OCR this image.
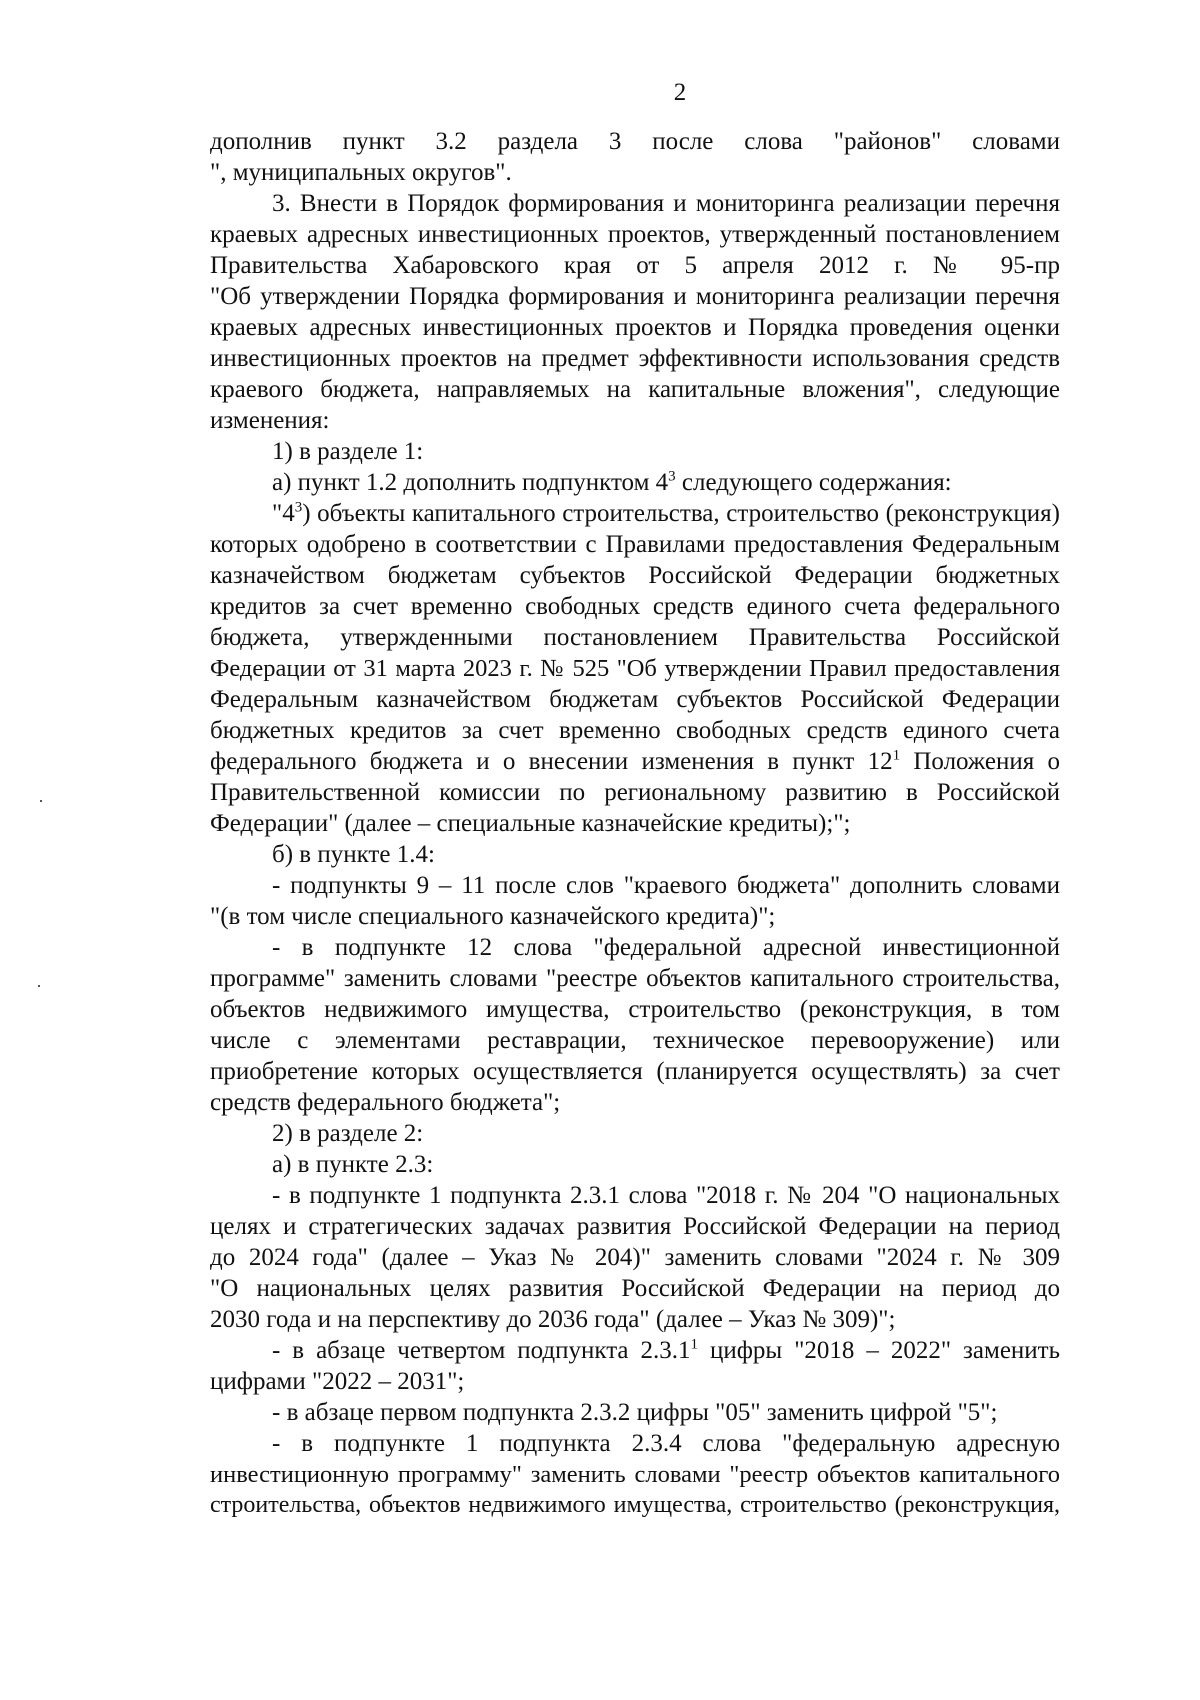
2
дополнив пункт 3.2 раздела 3 после слова "районов" словами
", муниципальных округов".
3. Внести в Порядок формирования и мониторинга реализации перечня
краевых адресных инвестиционных проектов, утвержденный постановлением
Правительства Хабаровского края от 5 апреля 2012 г. № 95-пр
"Об утверждении Порядка формирования и мониторинга реализации перечня
краевых адресных инвестиционных проектов и Порядка проведения оценки
инвестиционных проектов на предмет эффективности использования средств
краевого бюджета, направляемых на капитальные вложения", следующие
изменения:
1) в разделе 1:
а) пункт 1.2 дополнить подпунктом $4^3$ следующего содержания:
"$4^3$) объекты капитального строительства, строительство (реконструкция)
которых одобрено в соответствии с Правилами предоставления Федеральным
казначейством бюджетам субъектов Российской Федерации бюджетных
кредитов за счет временно свободных средств единого счета федерального
бюджета, утвержденными постановлением Правительства Российской
Федерации от 31 марта 2023 г. № 525 "Об утверждении Правил предоставления
Федеральным казначейством бюджетам субъектов Российской Федерации
бюджетных кредитов за счет временно свободных средств единого счета
федерального бюджета и о внесении изменения в пункт $12^1$ Положения о
Правительственной комиссии по региональному развитию в Российской
Федерации" (далее – специальные казначейские кредиты);";
б) в пункте 1.4:
- подпункты 9 – 11 после слов "краевого бюджета" дополнить словами
"(в том числе специального казначейского кредита)";
- в подпункте 12 слова "федеральной адресной инвестиционной
программе" заменить словами "реестре объектов капитального строительства,
объектов недвижимого имущества, строительство (реконструкция, в том
числе с элементами реставрации, техническое перевооружение) или
приобретение которых осуществляется (планируется осуществлять) за счет
средств федерального бюджета";
2) в разделе 2:
а) в пункте 2.3:
- в подпункте 1 подпункта 2.3.1 слова "2018 г. № 204 "О национальных
целях и стратегических задачах развития Российской Федерации на период
до 2024 года" (далее – Указ № 204)" заменить словами "2024 г. № 309
"О национальных целях развития Российской Федерации на период до
2030 года и на перспективу до 2036 года" (далее – Указ № 309)";
- в абзаце четвертом подпункта 2.3.1$^1$ цифры "2018 – 2022" заменить
цифрами "2022 – 2031";
- в абзаце первом подпункта 2.3.2 цифры "05" заменить цифрой "5";
- в подпункте 1 подпункта 2.3.4 слова "федеральную адресную
инвестиционную программу" заменить словами "реестр объектов капитального
строительства, объектов недвижимого имущества, строительство (реконструкция,
